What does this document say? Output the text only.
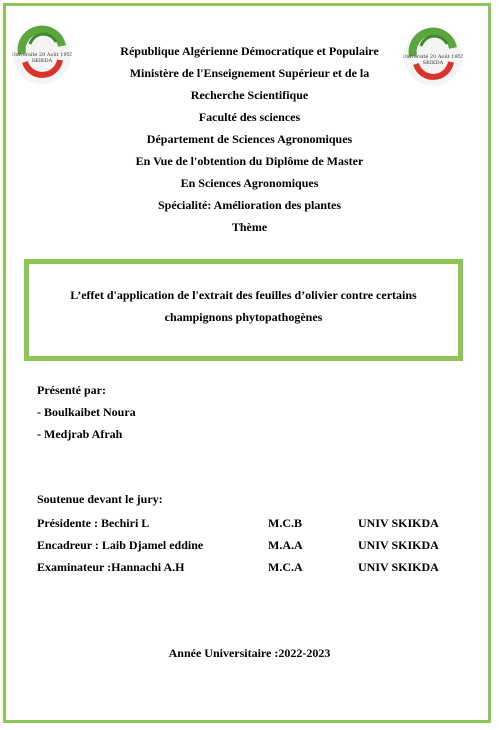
Université 20 Août 1955
SKIKDA
Université 20 Août 1955
SKIKDA
République Algérienne Démocratique et Populaire
Ministère de l'Enseignement Supérieur et de la
Recherche Scientifique
Faculté des sciences
Département de Sciences Agronomiques
En Vue de l'obtention du Diplôme de Master
En Sciences Agronomiques
Spécialité: Amélioration des plantes
Thème
L’effet d'application de l'extrait des feuilles d’olivier contre certains
champignons phytopathogènes
Présenté par:
- Boulkaibet Noura
- Medjrab Afrah
Soutenue devant le jury:
Présidente : Bechiri L	M.C.B	UNIV SKIKDA
Encadreur : Laib Djamel eddine	M.A.A	UNIV SKIKDA
Examinateur :Hannachi A.H	M.C.A	UNIV SKIKDA
Année Universitaire :2022-2023
